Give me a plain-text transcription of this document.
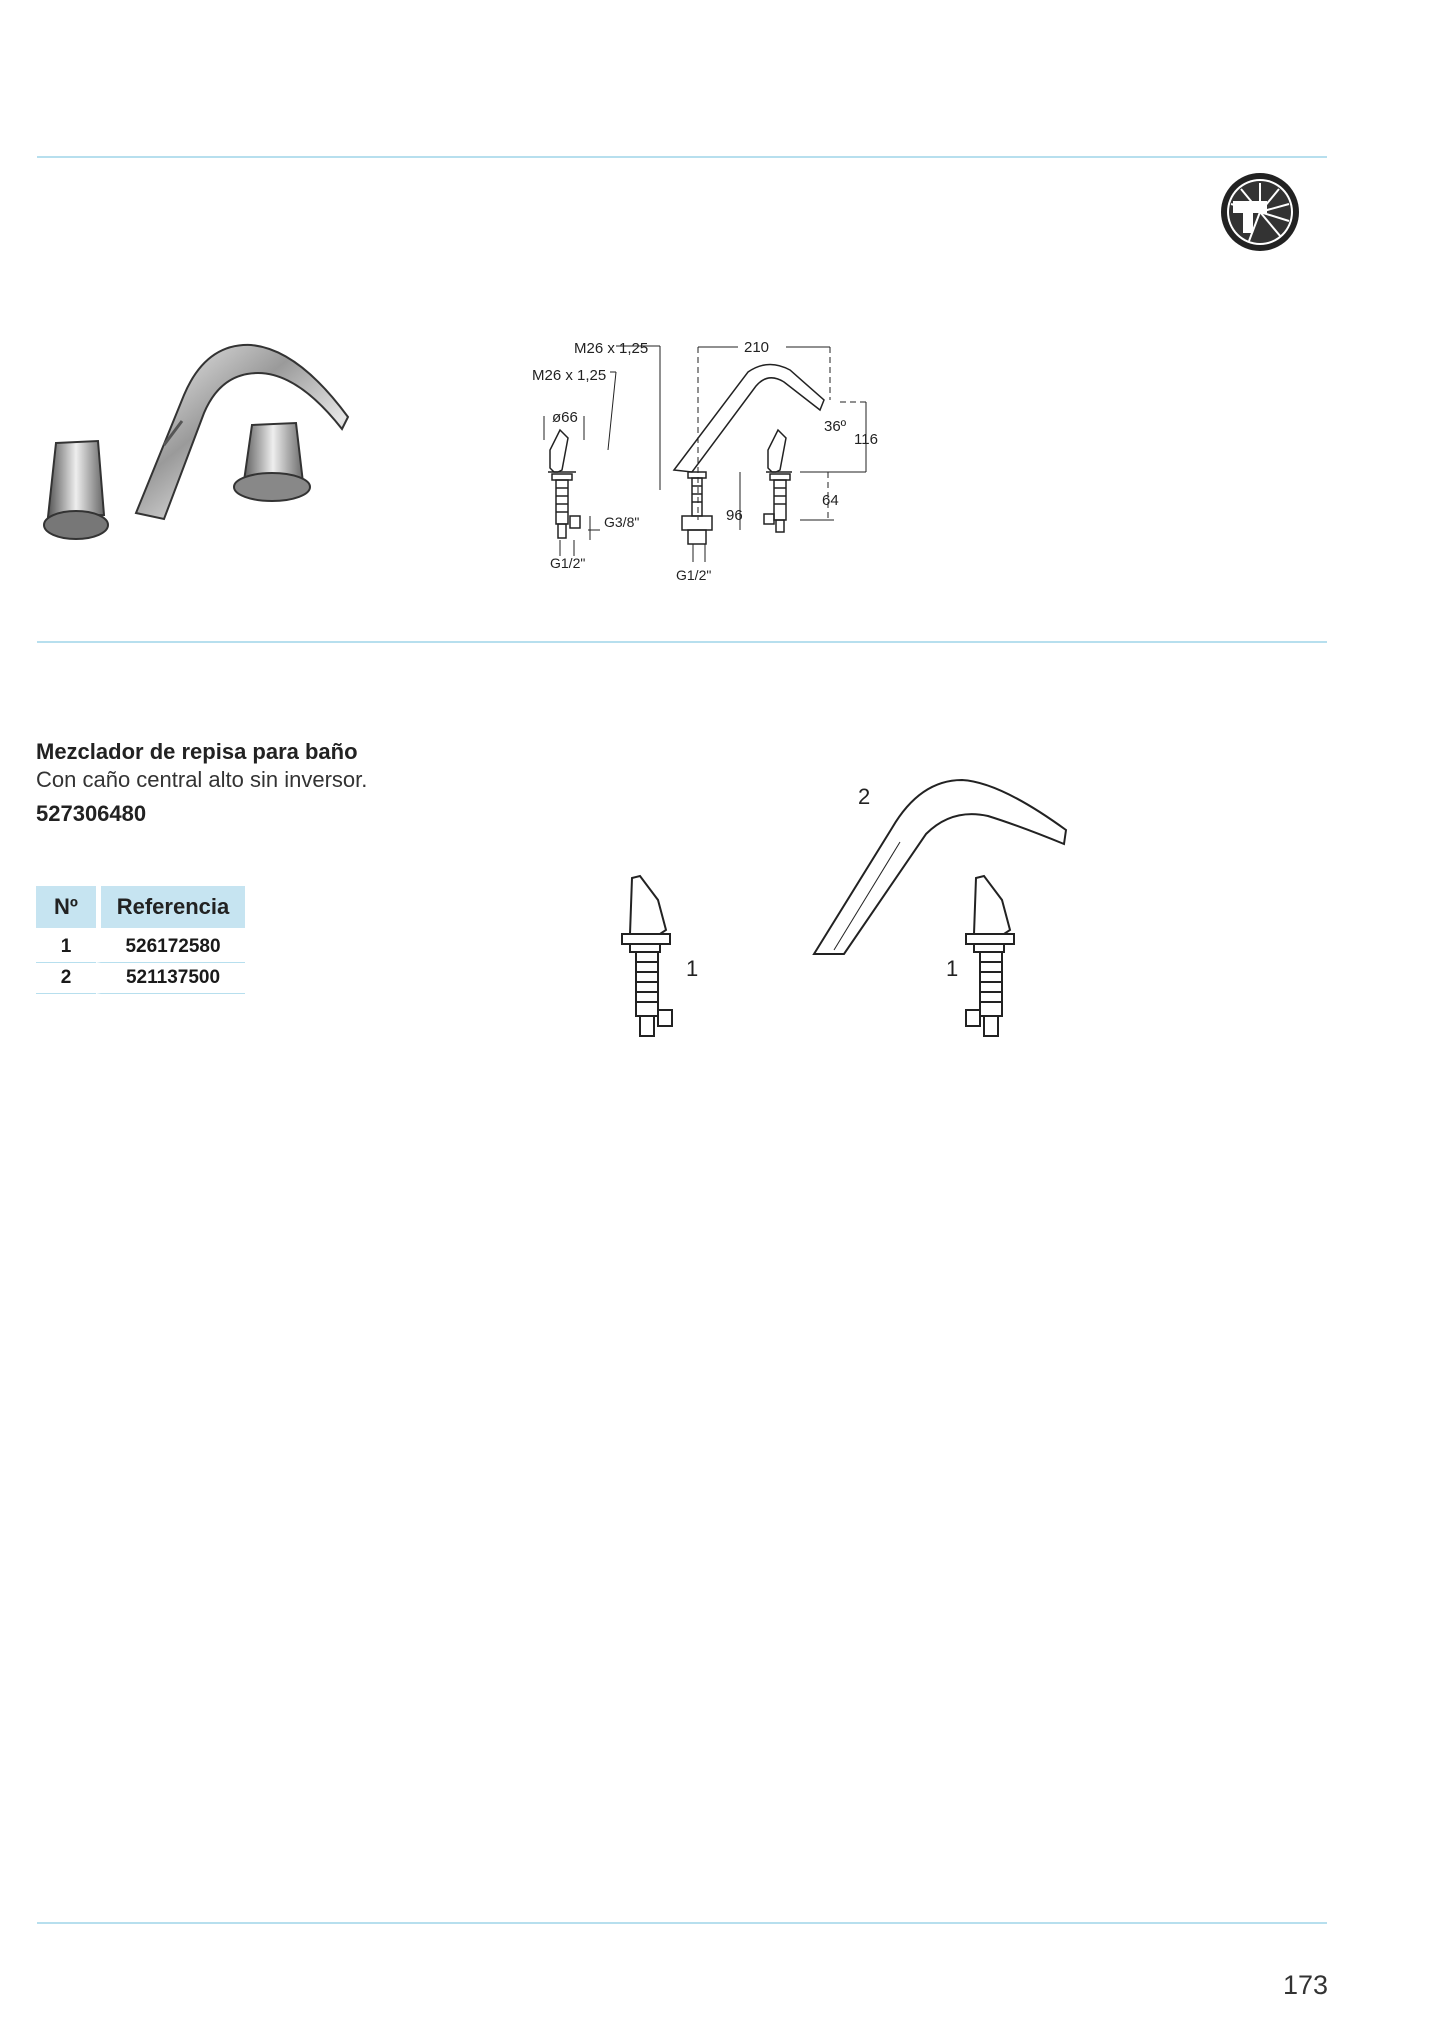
M26 x 1,25
M26 x 1,25
ø66
210
36º
116
64
96
G3/8"
G1/2"
G1/2"
Mezclador de repisa para baño
Con caño central alto sin inversor.
527306480
Nº	Referencia
1	526172580
2	521137500
2
1	1
173
